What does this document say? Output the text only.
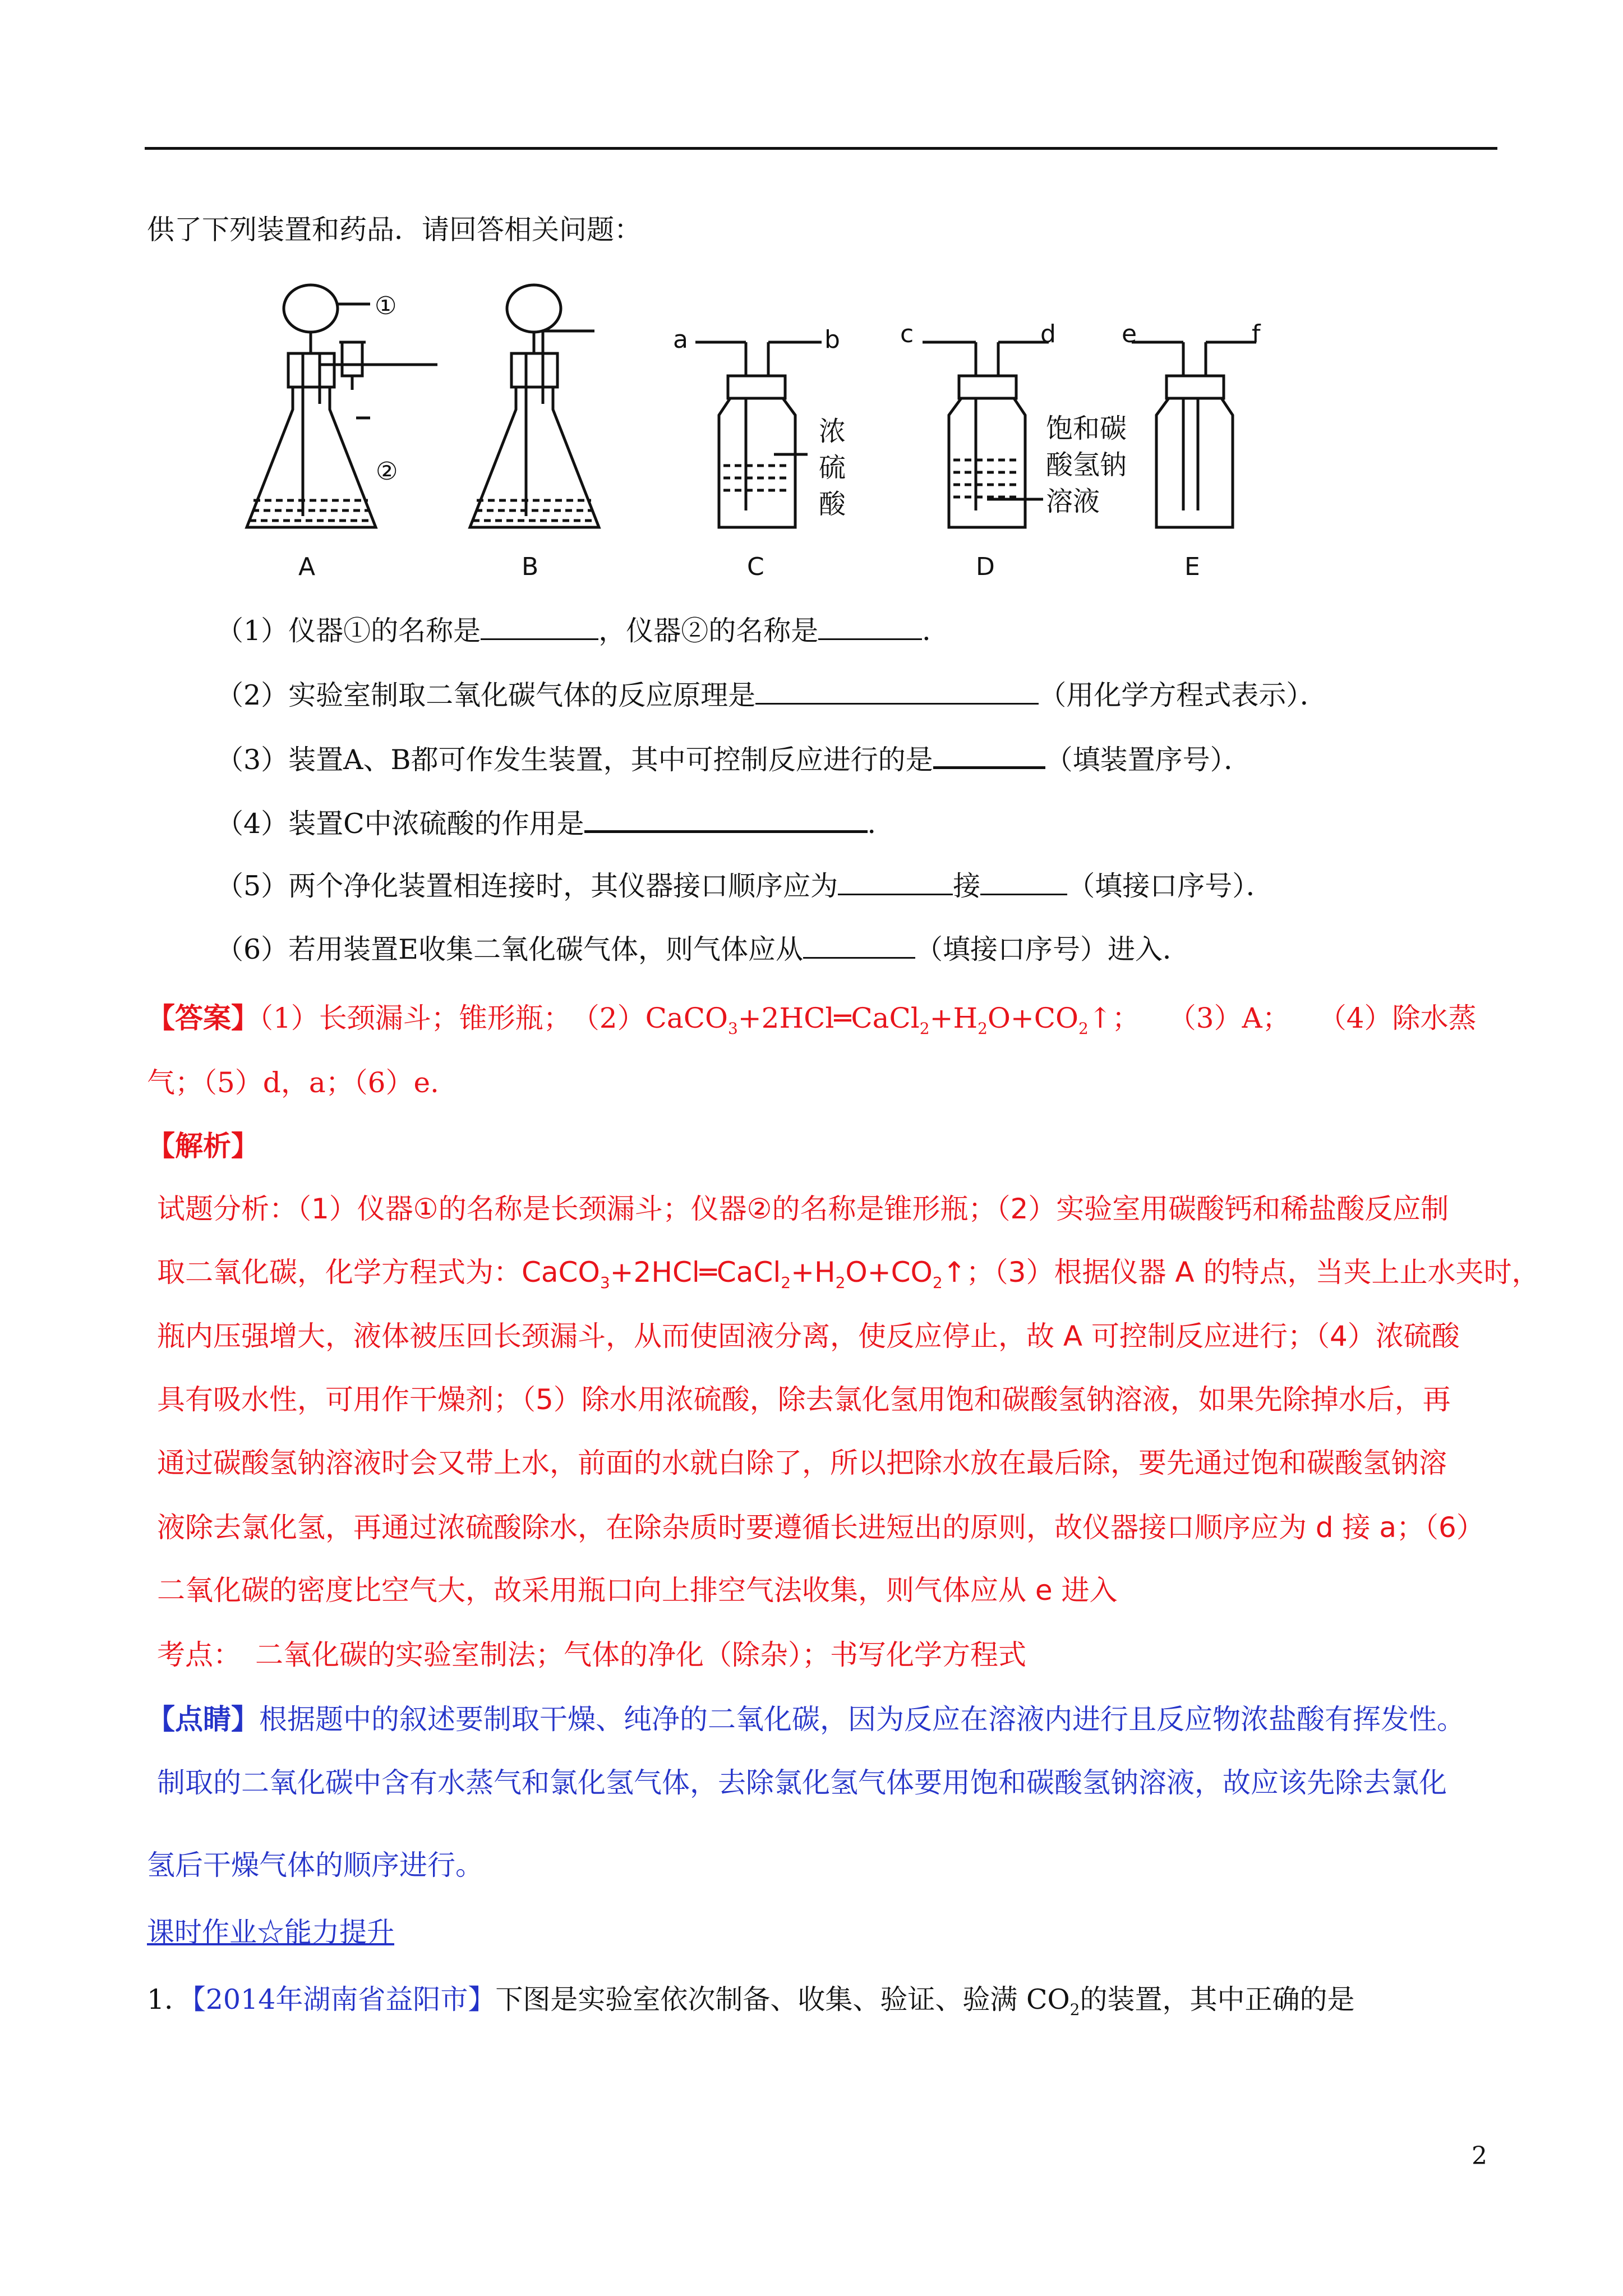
供了下列装置和药品．请回答相关问题：
①
②
A	B	C	D	E
a	b c	d	e	f
浓
硫
酸
饱和碳
酸氢钠
溶液
（1）仪器①的名称是	，仪器②的名称是	．
（2）实验室制取二氧化碳气体的反应原理是	（用化学方程式表示）．
（3）装置A、B都可作发生装置，其中可控制反应进行的是	（填装置序号）．
（4）装置C中浓硫酸的作用是	．
（5）两个净化装置相连接时，其仪器接口顺序应为	接	（填接口序号）．
（6）若用装置E收集二氧化碳气体，则气体应从	（填接口序号）进入．
【答案】（1）长颈漏斗；锥形瓶；　$(2)CaCO_3+2HCl═CaCl_2+H_2O+CO_2↑$；　　（3）A；　　（4）除水蒸
气；（5）d，a；（6）e.
【解析】
试题分析：（1）仪器①的名称是长颈漏斗；仪器②的名称是锥形瓶；（2）实验室用碳酸钙和稀盐酸反应制
取二氧化碳，化学方程式为：$CaCO_3+2HCl═CaCl_2+H_2O+CO_2↑$；（3）根据仪器 A 的特点，当夹上止水夹时，
瓶内压强增大，液体被压回长颈漏斗，从而使固液分离，使反应停止，故 A 可控制反应进行；（4）浓硫酸
具有吸水性，可用作干燥剂；（5）除水用浓硫酸，除去氯化氢用饱和碳酸氢钠溶液，如果先除掉水后，再
通过碳酸氢钠溶液时会又带上水，前面的水就白除了，所以把除水放在最后除，要先通过饱和碳酸氢钠溶
液除去氯化氢，再通过浓硫酸除水，在除杂质时要遵循长进短出的原则，故仪器接口顺序应为 d 接 a；（6）
二氧化碳的密度比空气大，故采用瓶口向上排空气法收集，则气体应从 e 进入
考点：　二氧化碳的实验室制法；气体的净化（除杂）；书写化学方程式
【点睛】根据题中的叙述要制取干燥、纯净的二氧化碳，因为反应在溶液内进行且反应物浓盐酸有挥发性。
制取的二氧化碳中含有水蒸气和氯化氢气体，去除氯化氢气体要用饱和碳酸氢钠溶液，故应该先除去氯化
氢后干燥气体的顺序进行。
课时作业☆能力提升
1．【2014年湖南省益阳市】下图是实验室依次制备、收集、验证、验满 $CO_2$的装置，其中正确的是
2
